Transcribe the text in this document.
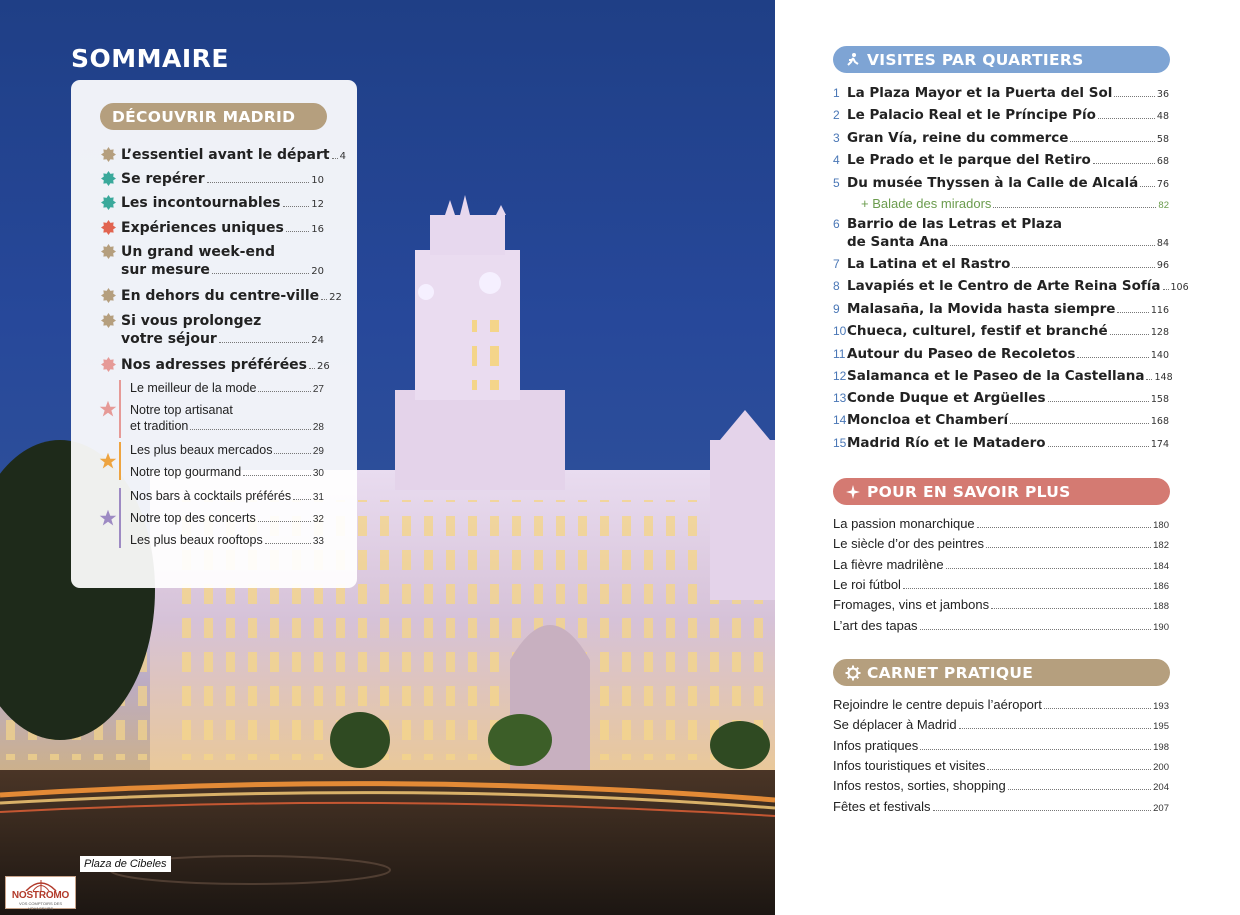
SOMMAIRE
DÉCOUVRIR MADRID
L’essentiel avant le départ 4
Se repérer	10
Les incontournables	12
Expériences uniques	16
Un grand week-end
sur mesure	20
En dehors du centre-ville 22
Si vous prolongez
votre séjour	24
Nos adresses préférées 26
Le meilleur de la mode	27
Notre top artisanat
et tradition	28
Les plus beaux mercados	29
Notre top gourmand	30
Nos bars à cocktails préférés 31
Notre top des concerts	32
Les plus beaux rooftops	33
Plaza de Cibeles
NOSTROMO
VOS COMPTOIRS DES VOYAGEURS
VISITES PAR QUARTIERS
POUR EN SAVOIR PLUS
CARNET PRATIQUE
1 La Plaza Mayor et la Puerta del Sol	36
2 Le Palacio Real et le Príncipe Pío	48
3 Gran Vía, reine du commerce	58
4 Le Prado et le parque del Retiro	68
5 Du musée Thyssen à la Calle de Alcalá 76
+ Balade des miradors	82
6 Barrio de las Letras et Plaza
de Santa Ana	84
7 La Latina et el Rastro	96
8 Lavapiés et le Centro de Arte Reina Sofía 106
9 Malasaña, la Movida hasta siempre	116
10 Chueca, culturel, festif et branché	128
11 Autour du Paseo de Recoletos	140
12 Salamanca et le Paseo de la Castellana 148
13 Conde Duque et Argüelles	158
14 Moncloa et Chamberí	168
15 Madrid Río et le Matadero	174
La passion monarchique	180
Le siècle d’or des peintres	182
La fièvre madrilène	184
Le roi fútbol	186
Fromages, vins et jambons	188
L’art des tapas	190
Rejoindre le centre depuis l’aéroport	193
Se déplacer à Madrid	195
Infos pratiques	198
Infos touristiques et visites	200
Infos restos, sorties, shopping	204
Fêtes et festivals	207
